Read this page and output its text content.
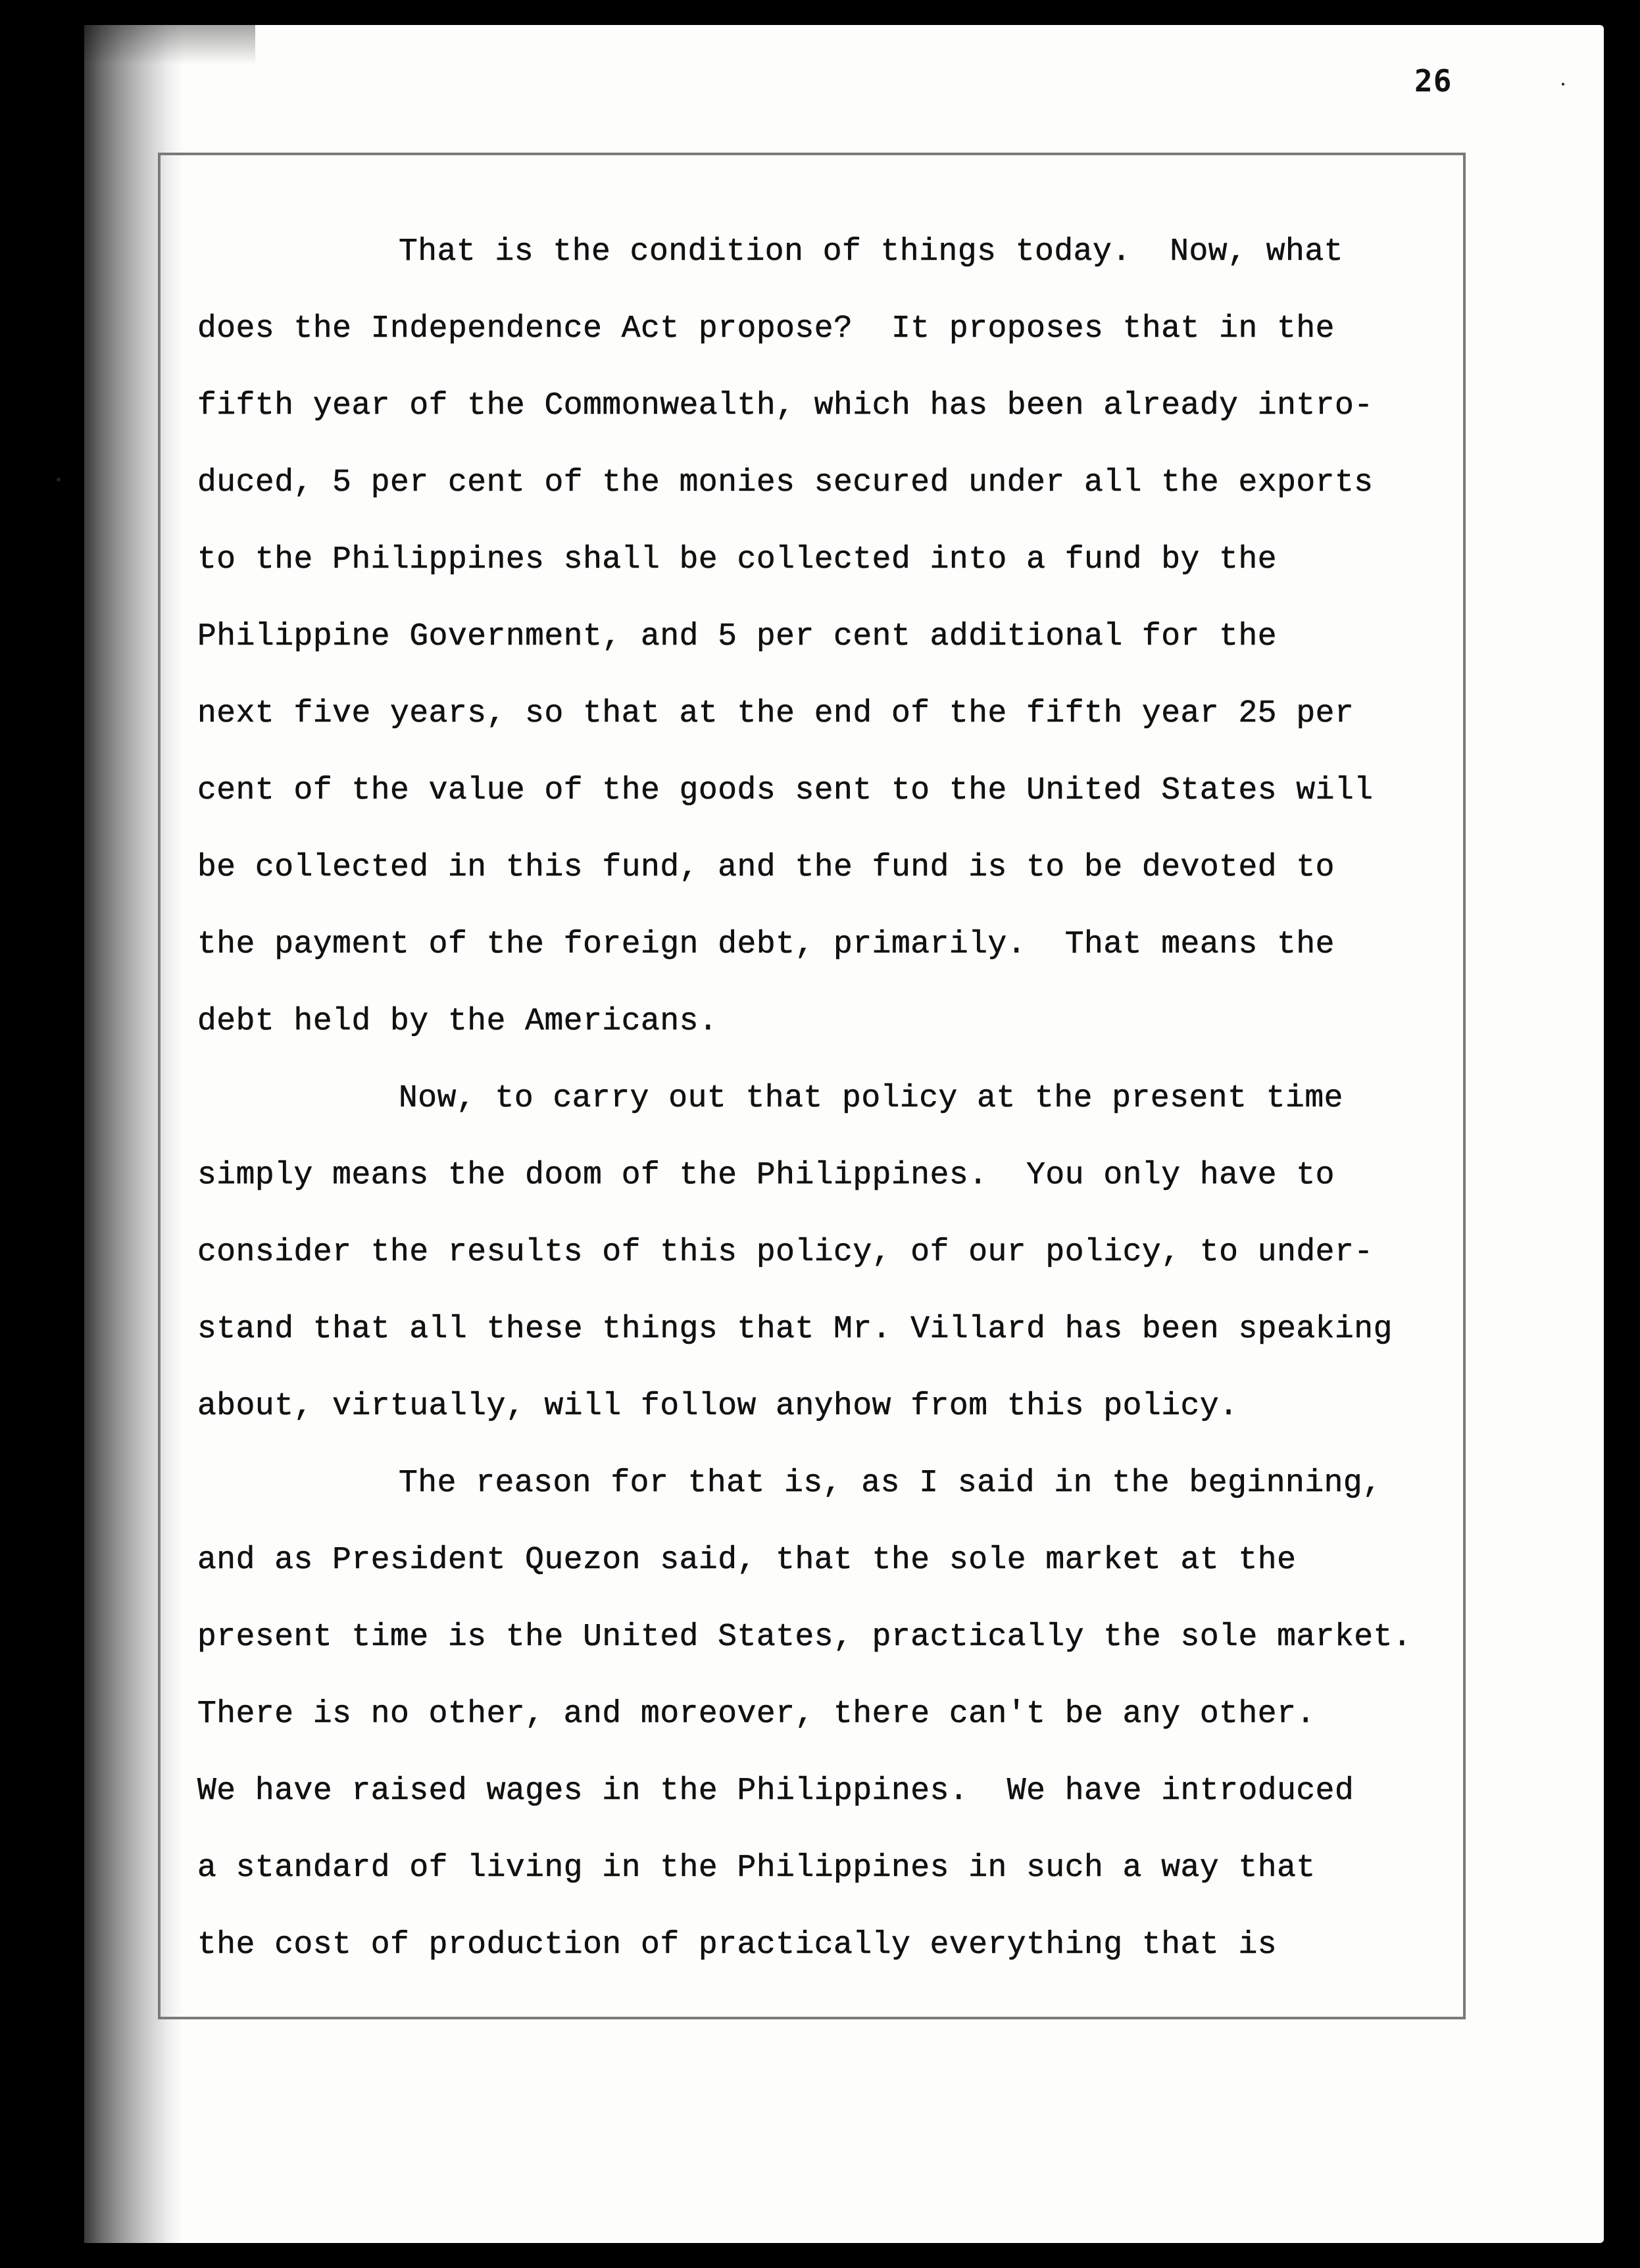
26
That is the condition of things today.  Now, what
does the Independence Act propose?  It proposes that in the
fifth year of the Commonwealth, which has been already intro-
duced, 5 per cent of the monies secured under all the exports
to the Philippines shall be collected into a fund by the
Philippine Government, and 5 per cent additional for the
next five years, so that at the end of the fifth year 25 per
cent of the value of the goods sent to the United States will
be collected in this fund, and the fund is to be devoted to
the payment of the foreign debt, primarily.  That means the
debt held by the Americans.
Now, to carry out that policy at the present time
simply means the doom of the Philippines.  You only have to
consider the results of this policy, of our policy, to under-
stand that all these things that Mr. Villard has been speaking
about, virtually, will follow anyhow from this policy.
The reason for that is, as I said in the beginning,
and as President Quezon said, that the sole market at the
present time is the United States, practically the sole market.
There is no other, and moreover, there can't be any other.
We have raised wages in the Philippines.  We have introduced
a standard of living in the Philippines in such a way that
the cost of production of practically everything that is
